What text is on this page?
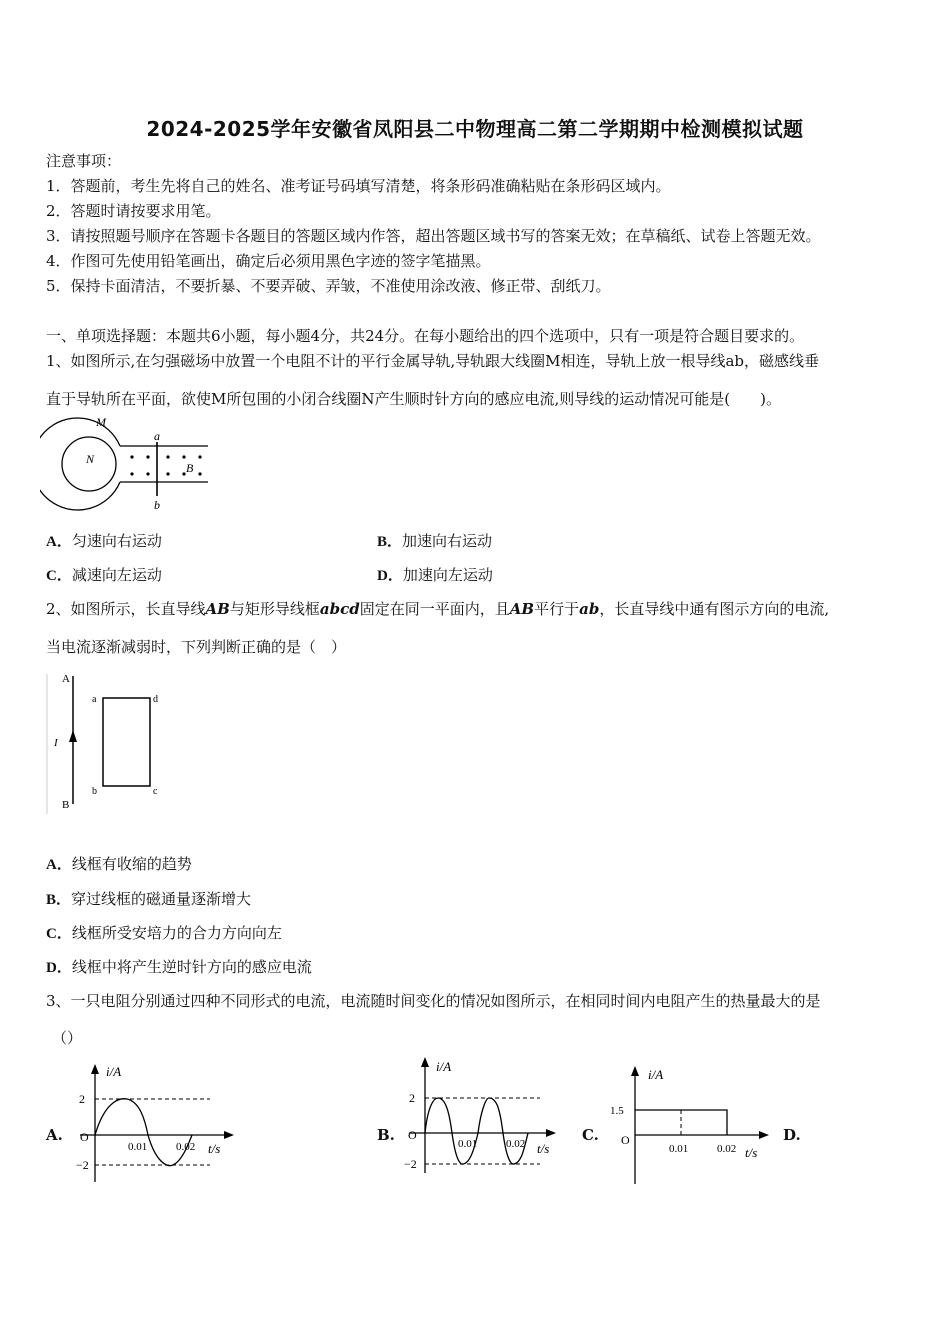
2024-2025学年安徽省凤阳县二中物理高二第二学期期中检测模拟试题
注意事项：
1．答题前，考生先将自己的姓名、准考证号码填写清楚，将条形码准确粘贴在条形码区域内。
2．答题时请按要求用笔。
3．请按照题号顺序在答题卡各题目的答题区域内作答，超出答题区域书写的答案无效；在草稿纸、试卷上答题无效。
4．作图可先使用铅笔画出，确定后必须用黑色字迹的签字笔描黑。
5．保持卡面清洁，不要折暴、不要弄破、弄皱，不准使用涂改液、修正带、刮纸刀。
一、单项选择题：本题共6小题，每小题4分，共24分。在每小题给出的四个选项中，只有一项是符合题目要求的。
1、如图所示,在匀强磁场中放置一个电阻不计的平行金属导轨,导轨跟大线圈M相连，导轨上放一根导线ab，磁感线垂
直于导轨所在平面，欲使M所包围的小闭合线圈N产生顺时针方向的感应电流,则导线的运动情况可能是(　　)。
M
N
a
b
B
A．匀速向右运动	B．加速向右运动
C．减速向左运动	D．加速向左运动
2、如图所示，长直导线AB与矩形导线框abcd固定在同一平面内，且AB平行于ab，长直导线中通有图示方向的电流,
当电流逐渐减弱时，下列判断正确的是（　）
A
B
I
a	d
b	c
A．线框有收缩的趋势
B．穿过线框的磁通量逐渐增大
C．线框所受安培力的合力方向向左
D．线框中将产生逆时针方向的感应电流
3、一只电阻分别通过四种不同形式的电流，电流随时间变化的情况如图所示，在相同时间内电阻产生的热量最大的是
（）
A.
i/A
2
O
−2
0.01	0.02 t/s
B.
i/A
2
O
−2
0.01	0.02 t/s
C.
i/A
1.5
O
0.01	0.02 t/s
D.
